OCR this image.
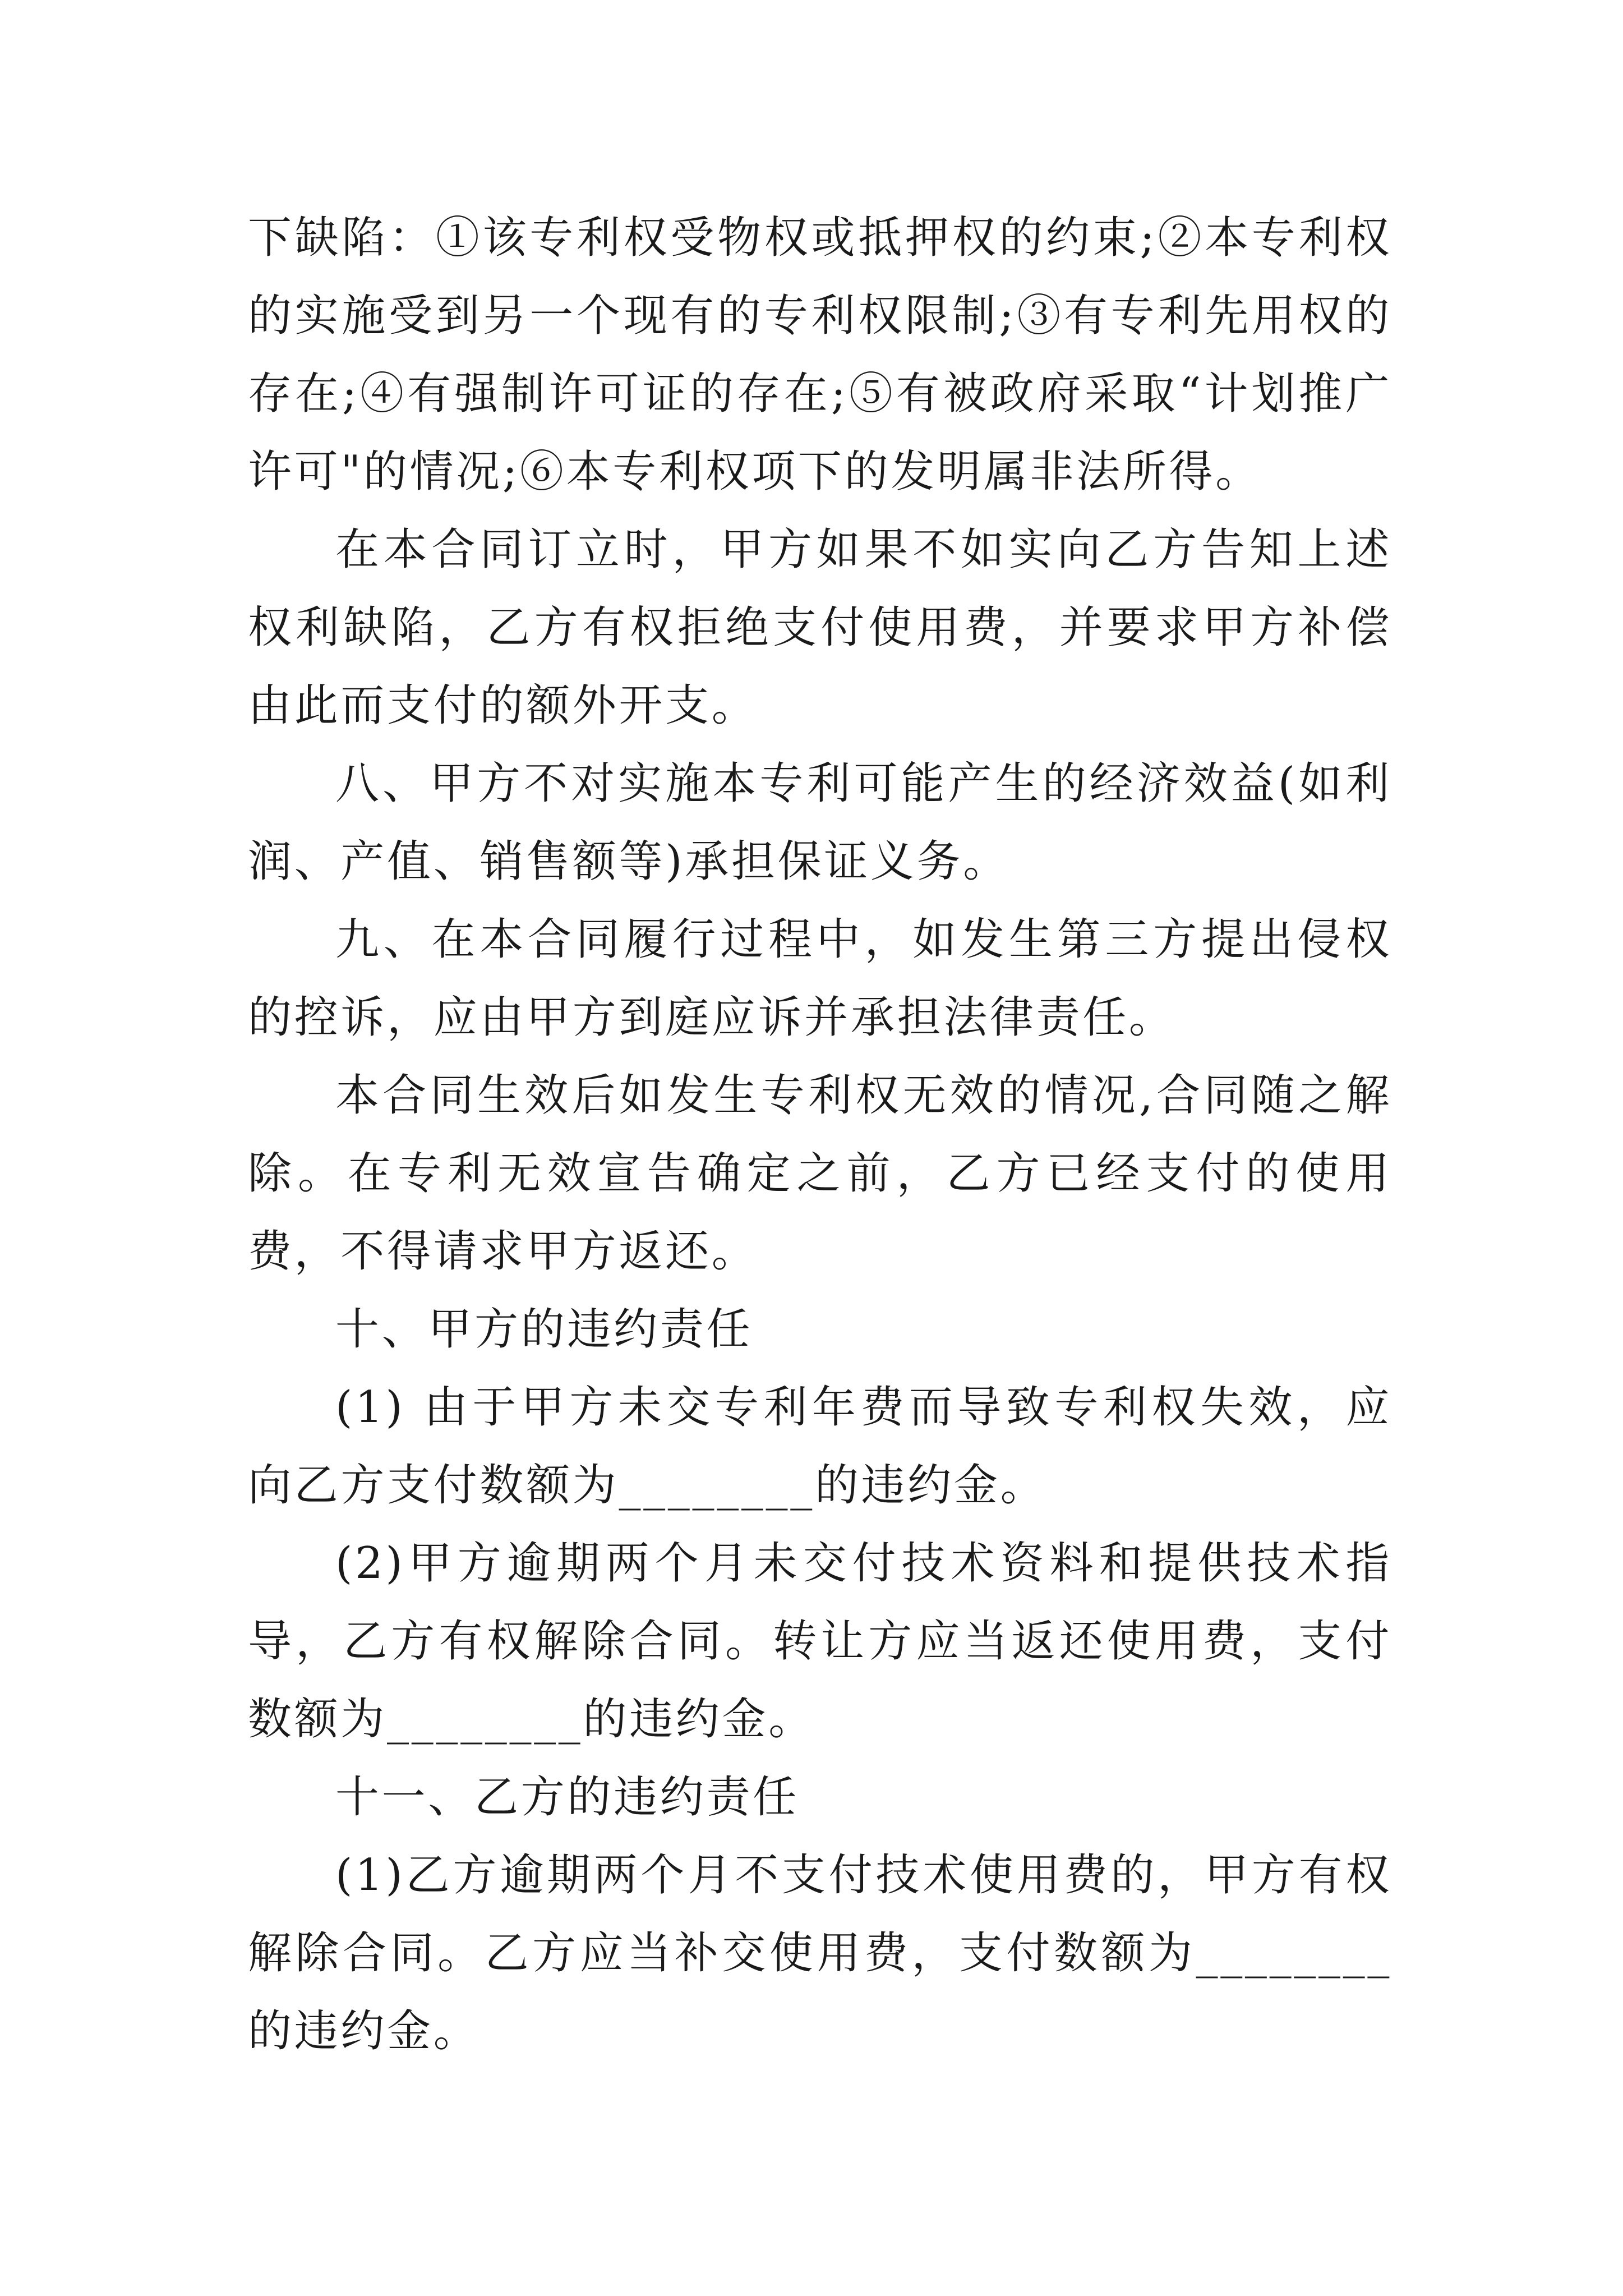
下缺陷：①该专利权受物权或抵押权的约束;②本专利权的实施受到另一个现有的专利权限制;③有专利先用权的存在;④有强制许可证的存在;⑤有被政府采取“计划推广许可"的情况;⑥本专利权项下的发明属非法所得。

在本合同订立时，甲方如果不如实向乙方告知上述权利缺陷，乙方有权拒绝支付使用费，并要求甲方补偿由此而支付的额外开支。

八、甲方不对实施本专利可能产生的经济效益(如利润、产值、销售额等)承担保证义务。

九、在本合同履行过程中，如发生第三方提出侵权的控诉，应由甲方到庭应诉并承担法律责任。

本合同生效后如发生专利权无效的情况,合同随之解除。在专利无效宣告确定之前，乙方已经支付的使用费，不得请求甲方返还。

十、甲方的违约责任

(1) 由于甲方未交专利年费而导致专利权失效，应向乙方支付数额为________的违约金。

(2)甲方逾期两个月未交付技术资料和提供技术指导，乙方有权解除合同。转让方应当返还使用费，支付数额为________的违约金。

十一、乙方的违约责任

(1)乙方逾期两个月不支付技术使用费的，甲方有权解除合同。乙方应当补交使用费，支付数额为________的违约金。
